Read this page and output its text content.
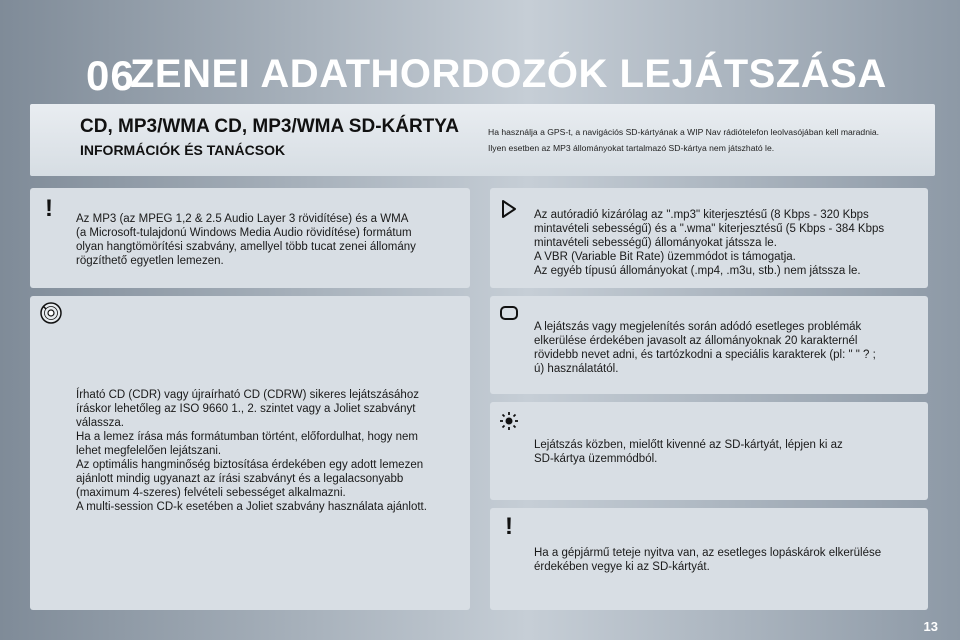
06
ZENEI ADATHORDOZÓK LEJÁTSZÁSA
CD, MP3/WMA CD, MP3/WMA SD-KÁRTYA
INFORMÁCIÓK ÉS TANÁCSOK
Ha használja a GPS-t, a navigációs SD-kártyának a WIP Nav rádiótelefon leolvasójában kell maradnia.
Ilyen esetben az MP3 állományokat tartalmazó SD-kártya nem játszható le.
! Az MP3 (az MPEG 1,2 & 2.5 Audio Layer 3 rövidítése) és a WMA
(a Microsoft-tulajdonú Windows Media Audio rövidítése) formátum
olyan hangtömörítési szabvány, amellyel több tucat zenei állomány
rögzíthető egyetlen lemezen.
Írható CD (CDR) vagy újraírható CD (CDRW) sikeres lejátszásához
íráskor lehetőleg az ISO 9660 1., 2. szintet vagy a Joliet szabványt
válassza.
Ha a lemez írása más formátumban történt, előfordulhat, hogy nem
lehet megfelelően lejátszani.
Az optimális hangminőség biztosítása érdekében egy adott lemezen
ajánlott mindig ugyanazt az írási szabványt és a legalacsonyabb
(maximum 4-szeres) felvételi sebességet alkalmazni.
A multi-session CD-k esetében a Joliet szabvány használata ajánlott.
Az autóradió kizárólag az ".mp3" kiterjesztésű (8 Kbps - 320 Kbps
mintavételi sebességű) és a ".wma" kiterjesztésű (5 Kbps - 384 Kbps
mintavételi sebességű) állományokat játssza le.
A VBR (Variable Bit Rate) üzemmódot is támogatja.
Az egyéb típusú állományokat (.mp4, .m3u, stb.) nem játssza le.
A lejátszás vagy megjelenítés során adódó esetleges problémák
elkerülése érdekében javasolt az állományoknak 20 karakternél
rövidebb nevet adni, és tartózkodni a speciális karakterek (pl: " " ? ;
ú) használatától.
Lejátszás közben, mielőtt kivenné az SD-kártyát, lépjen ki az
SD-kártya üzemmódból.
!
Ha a gépjármű teteje nyitva van, az esetleges lopáskárok elkerülése
érdekében vegye ki az SD-kártyát.
13
